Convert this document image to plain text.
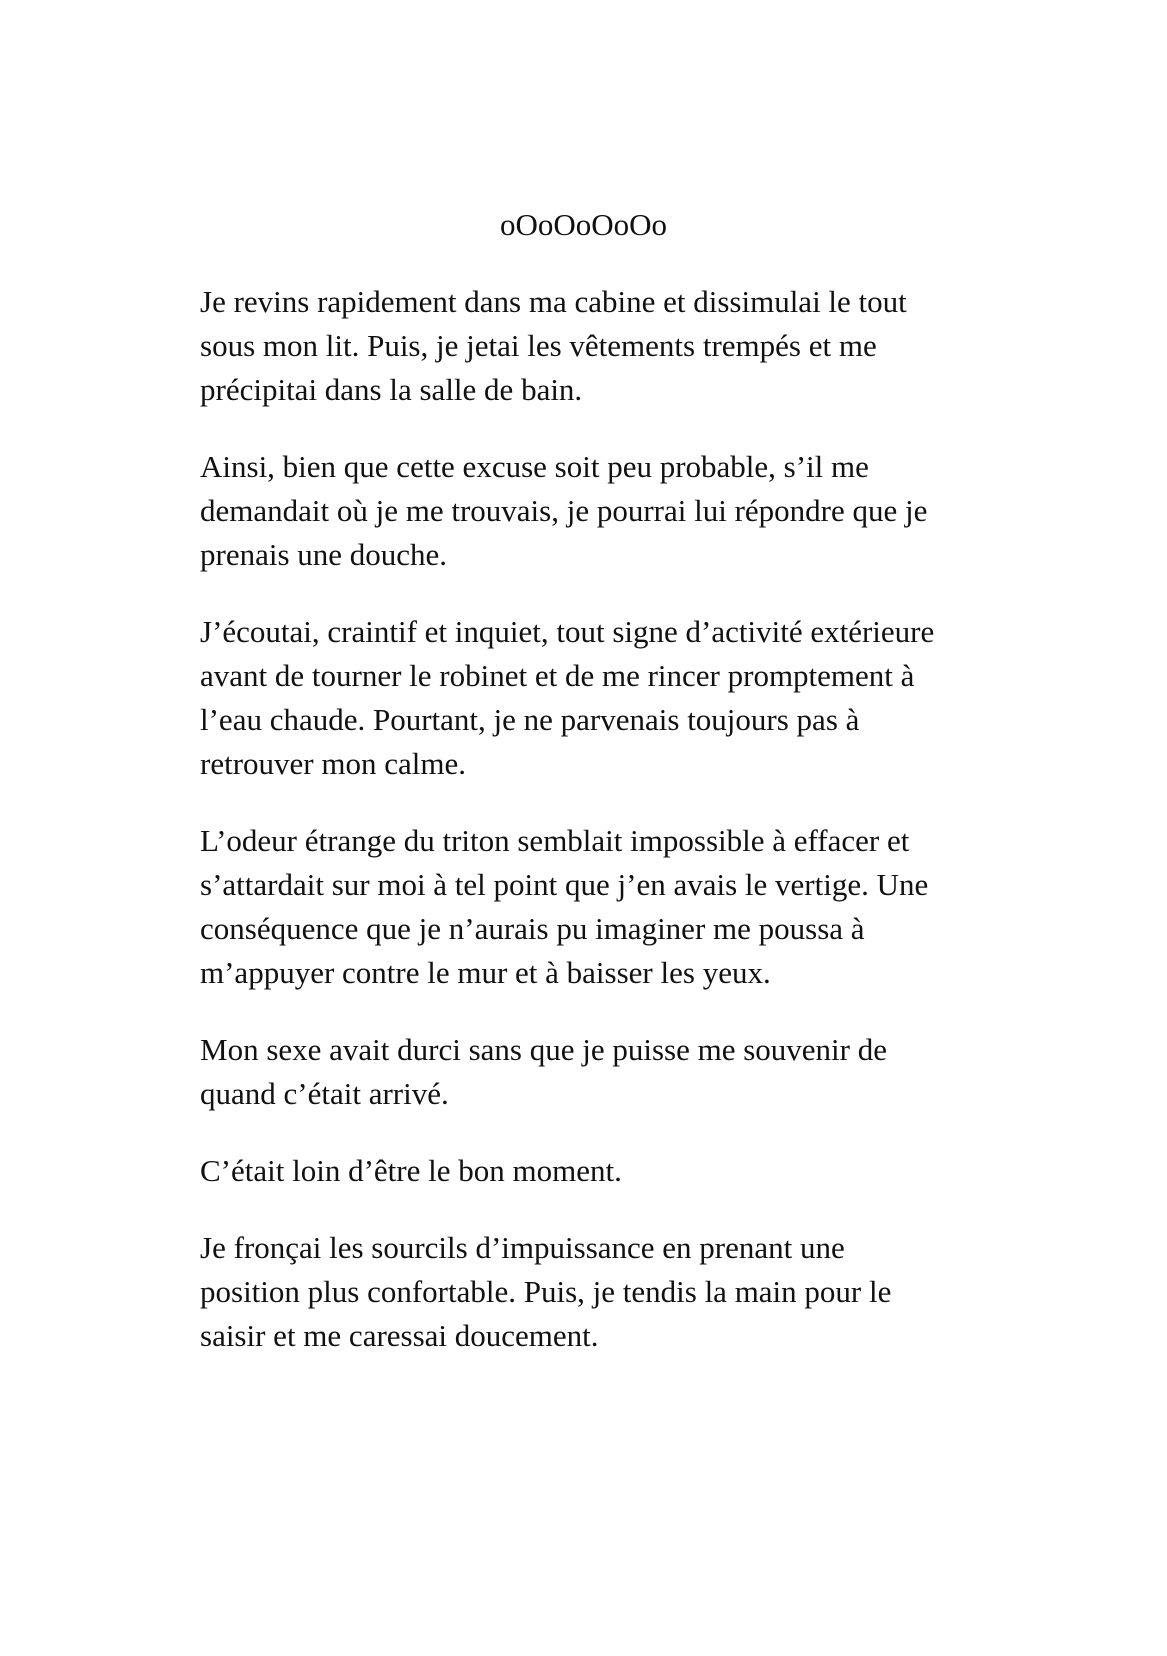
oOoOoOoOo

Je revins rapidement dans ma cabine et dissimulai le tout
sous mon lit. Puis, je jetai les vêtements trempés et me
précipitai dans la salle de bain.

Ainsi, bien que cette excuse soit peu probable, s’il me
demandait où je me trouvais, je pourrai lui répondre que je
prenais une douche.

J’écoutai, craintif et inquiet, tout signe d’activité extérieure
avant de tourner le robinet et de me rincer promptement à
l’eau chaude. Pourtant, je ne parvenais toujours pas à
retrouver mon calme.

L’odeur étrange du triton semblait impossible à effacer et
s’attardait sur moi à tel point que j’en avais le vertige. Une
conséquence que je n’aurais pu imaginer me poussa à
m’appuyer contre le mur et à baisser les yeux.

Mon sexe avait durci sans que je puisse me souvenir de
quand c’était arrivé.

C’était loin d’être le bon moment.

Je fronçai les sourcils d’impuissance en prenant une
position plus confortable. Puis, je tendis la main pour le
saisir et me caressai doucement.
